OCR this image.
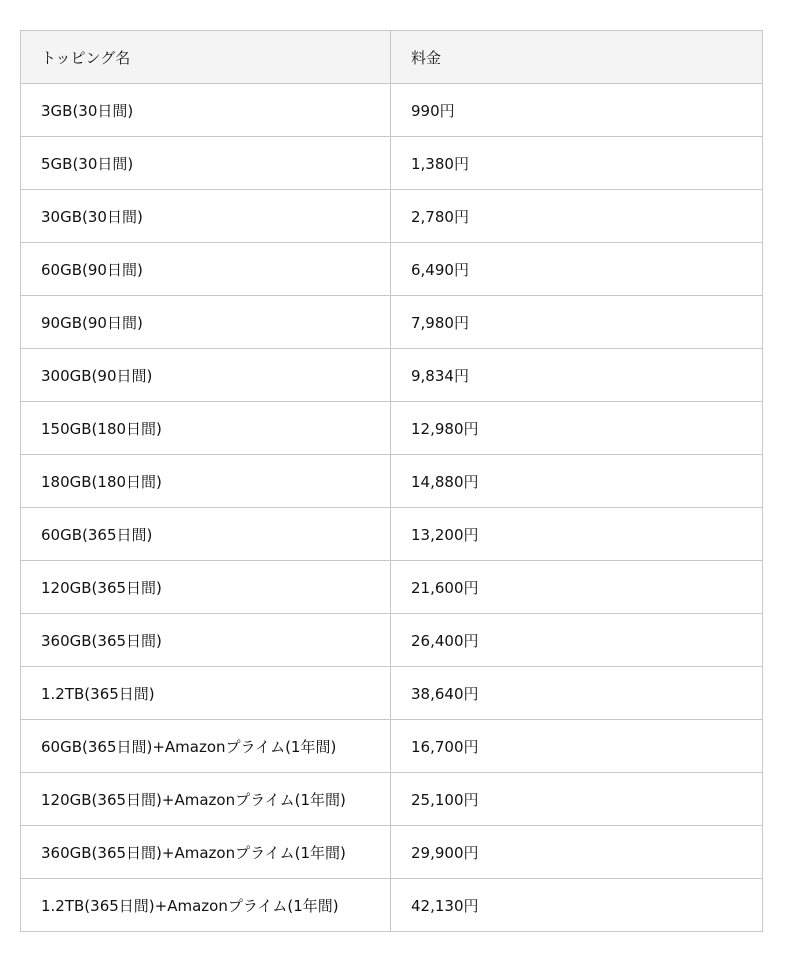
トッピング名	料金
3GB(30日間)	990円
5GB(30日間)	1,380円
30GB(30日間)	2,780円
60GB(90日間)	6,490円
90GB(90日間)	7,980円
300GB(90日間)	9,834円
150GB(180日間)	12,980円
180GB(180日間)	14,880円
60GB(365日間)	13,200円
120GB(365日間)	21,600円
360GB(365日間)	26,400円
1.2TB(365日間)	38,640円
60GB(365日間)+Amazonプライム(1年間)	16,700円
120GB(365日間)+Amazonプライム(1年間)	25,100円
360GB(365日間)+Amazonプライム(1年間)	29,900円
1.2TB(365日間)+Amazonプライム(1年間)	42,130円
